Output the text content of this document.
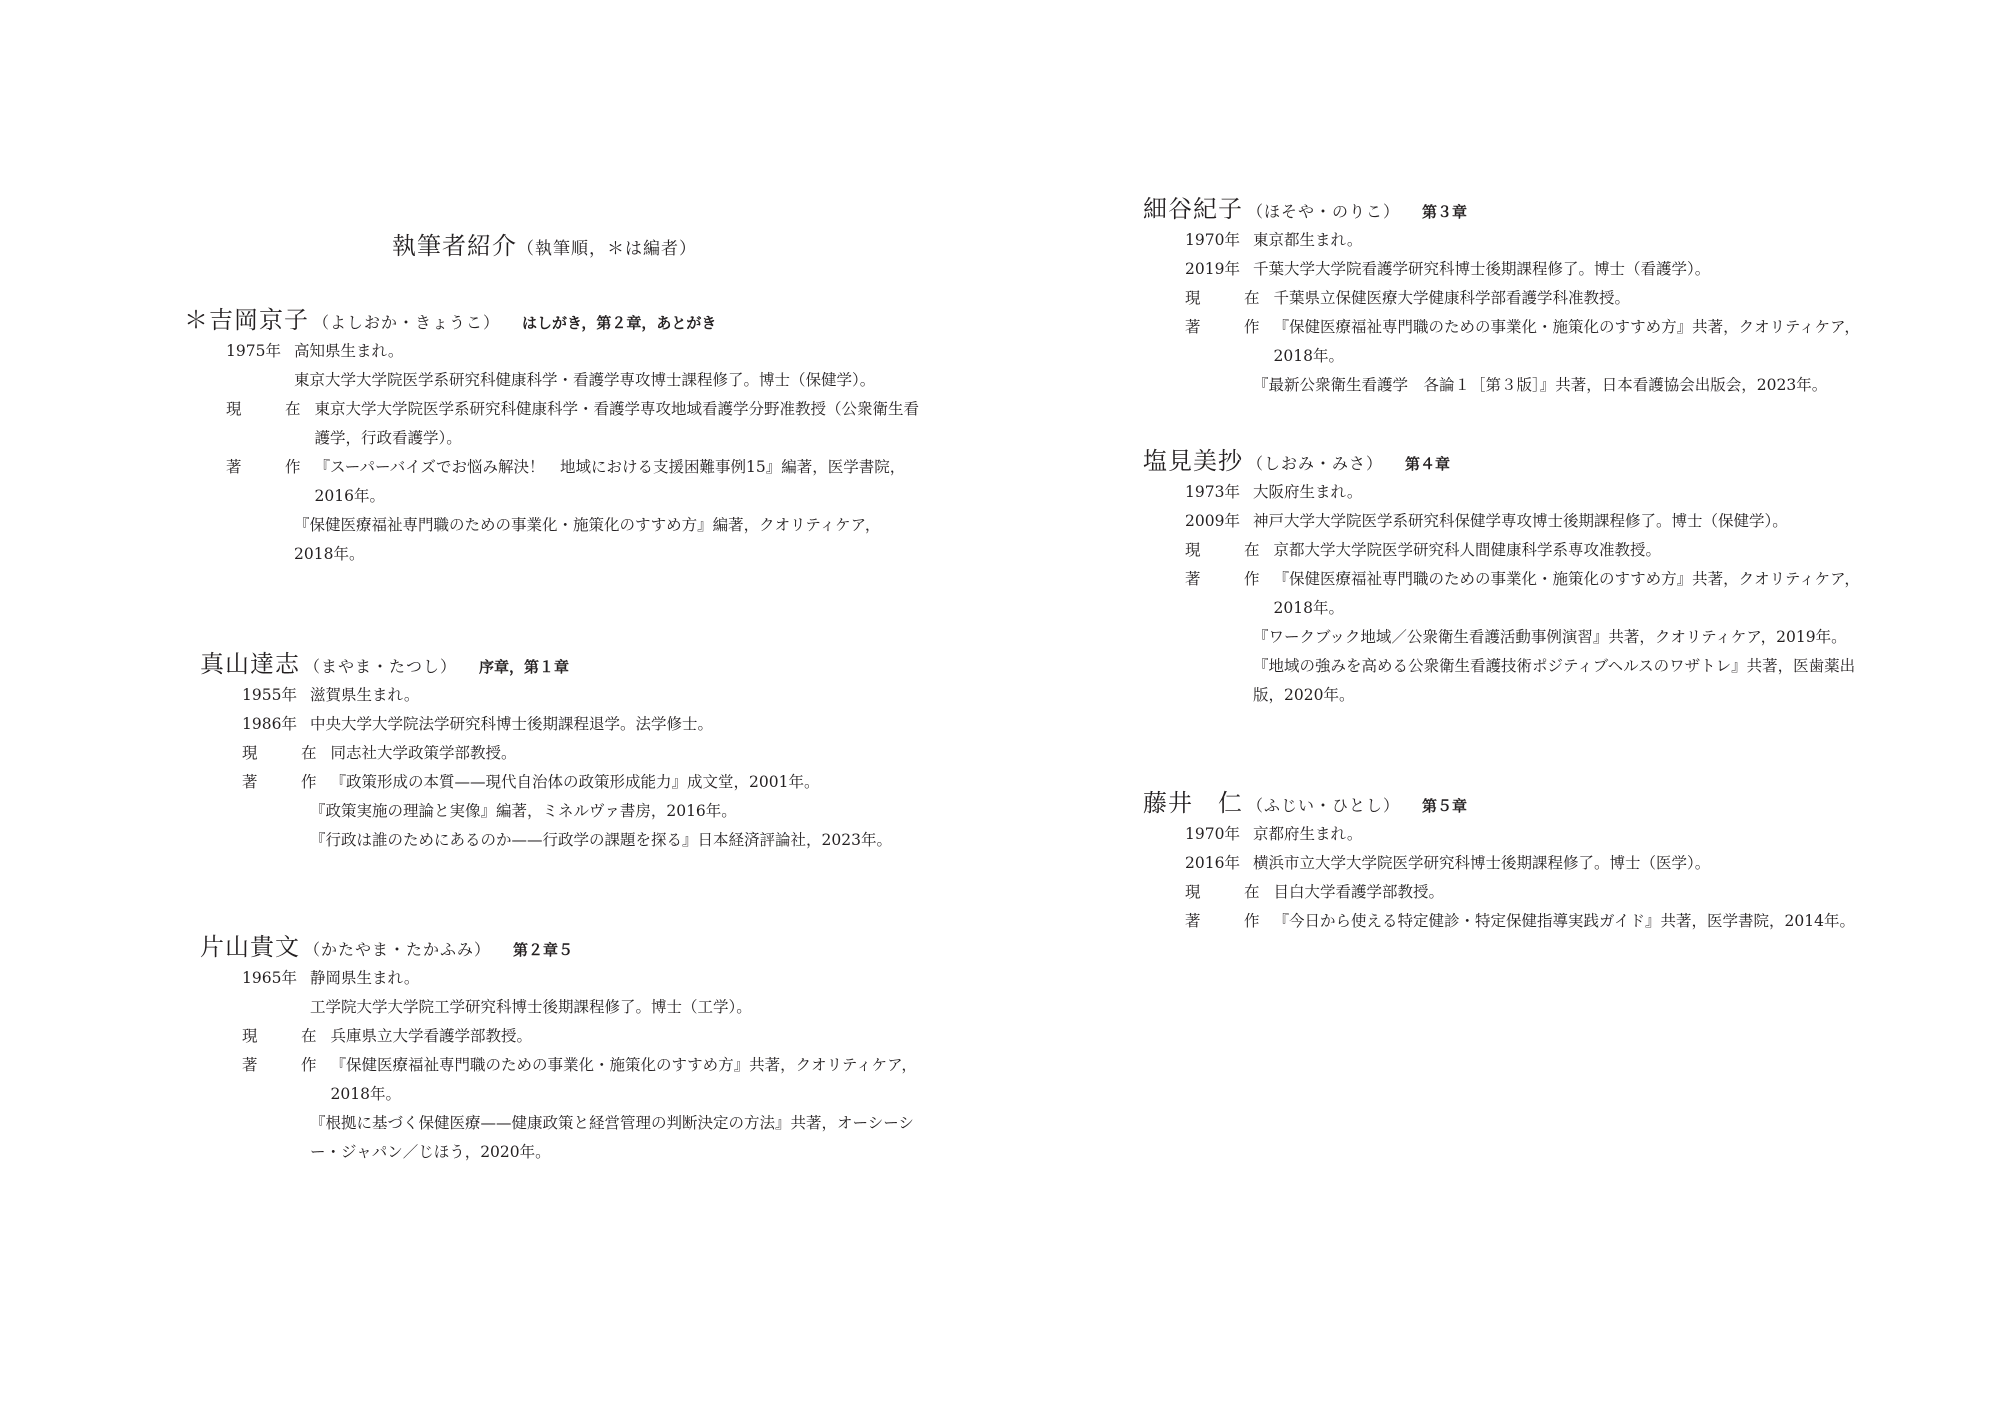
執筆者紹介（執筆順，＊は編者）
＊吉岡京子 （よしおか・きょうこ） はしがき，第２章，あとがき
1975年 高知県生まれ。
東京大学大学院医学系研究科健康科学・看護学専攻博士課程修了。博士（保健学）。
現　在 東京大学大学院医学系研究科健康科学・看護学専攻地域看護学分野准教授（公衆衛生看護学，行政看護学）。
著　作 『スーパーバイズでお悩み解決！　地域における支援困難事例15』編著，医学書院，2016年。
『保健医療福祉専門職のための事業化・施策化のすすめ方』編著，クオリティケア，2018年。
真山達志 （まやま・たつし） 序章，第１章
1955年 滋賀県生まれ。
1986年 中央大学大学院法学研究科博士後期課程退学。法学修士。
現　在 同志社大学政策学部教授。
著　作 『政策形成の本質——現代自治体の政策形成能力』成文堂，2001年。
『政策実施の理論と実像』編著，ミネルヴァ書房，2016年。
『行政は誰のためにあるのか——行政学の課題を探る』日本経済評論社，2023年。
片山貴文 （かたやま・たかふみ） 第２章５
1965年 静岡県生まれ。
工学院大学大学院工学研究科博士後期課程修了。博士（工学）。
現　在 兵庫県立大学看護学部教授。
著　作 『保健医療福祉専門職のための事業化・施策化のすすめ方』共著，クオリティケア，2018年。
『根拠に基づく保健医療——健康政策と経営管理の判断決定の方法』共著，オーシーシー・ジャパン／じほう，2020年。
細谷紀子 （ほそや・のりこ） 第３章
1970年 東京都生まれ。
2019年 千葉大学大学院看護学研究科博士後期課程修了。博士（看護学）。
現　在 千葉県立保健医療大学健康科学部看護学科准教授。
著　作 『保健医療福祉専門職のための事業化・施策化のすすめ方』共著，クオリティケア，2018年。
『最新公衆衛生看護学　各論１［第３版］』共著，日本看護協会出版会，2023年。
塩見美抄 （しおみ・みさ） 第４章
1973年 大阪府生まれ。
2009年 神戸大学大学院医学系研究科保健学専攻博士後期課程修了。博士（保健学）。
現　在 京都大学大学院医学研究科人間健康科学系専攻准教授。
著　作 『保健医療福祉専門職のための事業化・施策化のすすめ方』共著，クオリティケア，2018年。
『ワークブック地域／公衆衛生看護活動事例演習』共著，クオリティケア，2019年。
『地域の強みを高める公衆衛生看護技術ポジティブヘルスのワザトレ』共著，医歯薬出版，2020年。
藤井　仁 （ふじい・ひとし） 第５章
1970年 京都府生まれ。
2016年 横浜市立大学大学院医学研究科博士後期課程修了。博士（医学）。
現　在 目白大学看護学部教授。
著　作 『今日から使える特定健診・特定保健指導実践ガイド』共著，医学書院，2014年。
